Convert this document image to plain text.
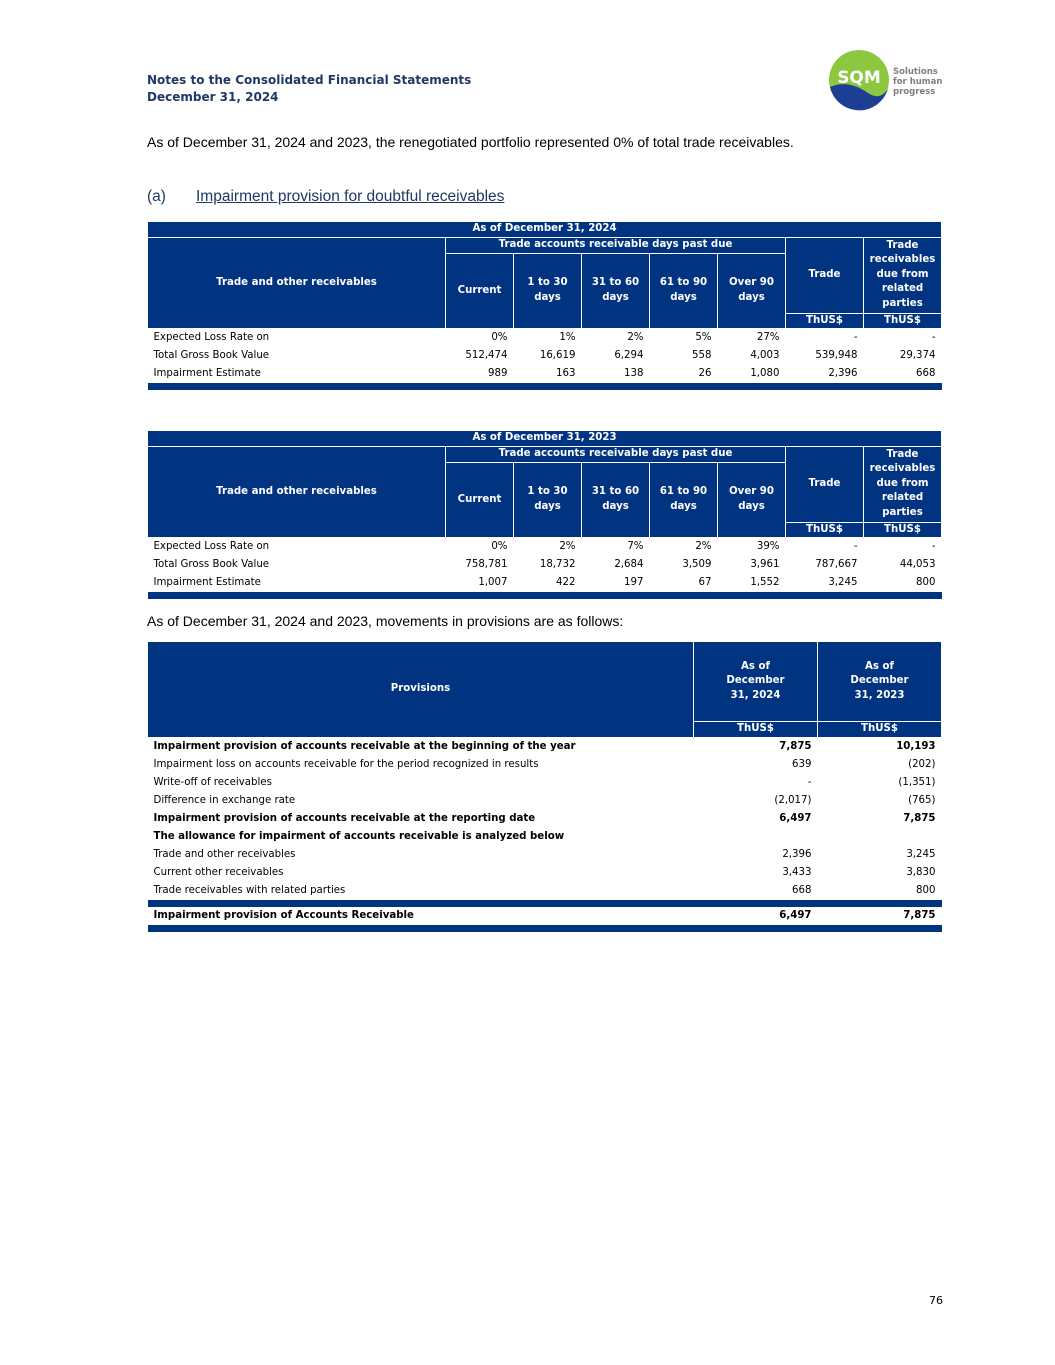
Notes to the Consolidated Financial Statements
December 31, 2024
SQM Solutions
for human
progress
As of December 31, 2024 and 2023, the renegotiated portfolio represented 0% of total trade receivables.
(a) Impairment provision for doubtful receivables
As of December 31, 2024							
Trade and other receivables	Trade accounts receivable days past due					Trade	Trade receivables due from related parties
	Current	1 to 30 days	31 to 60 days	61 to 90 days	Over 90 days		
						ThUS$	ThUS$
Expected Loss Rate on	0%	1%	2%	5%	27%	-	-
Total Gross Book Value	512,474	16,619	6,294	558	4,003	539,948	29,374
Impairment Estimate	989	163	138	26	1,080	2,396	668

As of December 31, 2023							
Trade and other receivables	Trade accounts receivable days past due					Trade	Trade receivables due from related parties
	Current	1 to 30 days	31 to 60 days	61 to 90 days	Over 90 days		
						ThUS$	ThUS$
Expected Loss Rate on	0%	2%	7%	2%	39%	-	-
Total Gross Book Value	758,781	18,732	2,684	3,509	3,961	787,667	44,053
Impairment Estimate	1,007	422	197	67	1,552	3,245	800

As of December 31, 2024 and 2023, movements in provisions are as follows:
Provisions	As of December 31, 2024	As of December 31, 2023
	ThUS$	ThUS$
Impairment provision of accounts receivable at the beginning of the year	7,875	10,193
Impairment loss on accounts receivable for the period recognized in results	639	(202)
Write-off of receivables	-	(1,351)
Difference in exchange rate	(2,017)	(765)
Impairment provision of accounts receivable at the reporting date	6,497	7,875
The allowance for impairment of accounts receivable is analyzed below		
Trade and other receivables	2,396	3,245
Current other receivables	3,433	3,830
Trade receivables with related parties	668	800

Impairment provision of Accounts Receivable	6,497	7,875

76
